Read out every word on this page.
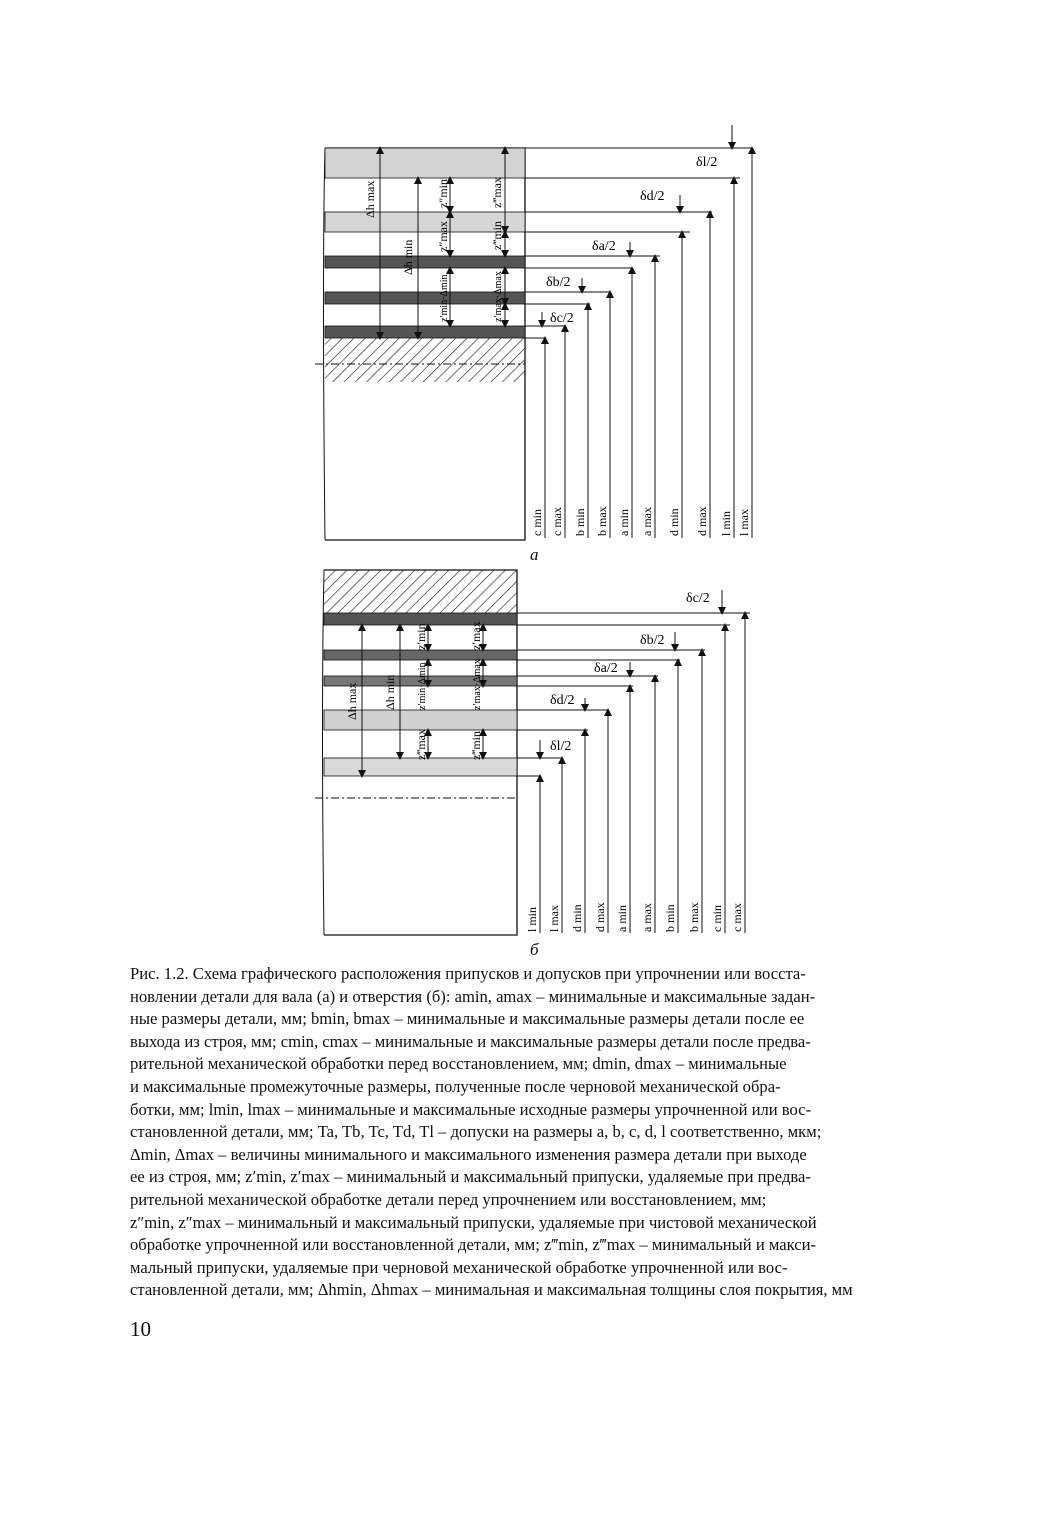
Δh max
Δh min
z″min
z″max
z‴max
z‴min
z′min·Δmin	z′max·Δmax
δl/2
δd/2
δa/2
δb/2
δc/2
c min c max b min b max a min a max d min d max l min l max
а
Δh max Δh min
z′min	z′max
z′min·Δmin	z′max·Δmax
z‴max	z‴min
δc/2
δb/2
δa/2
δd/2
δl/2
l min l max d min d max a min a max b min b max c min c max
б
Рис. 1.2. Схема графического расположения припусков и допусков при упрочнении или восста-
новлении детали для вала (а) и отверстия (б): amin, amax – минимальные и максимальные задан-
ные размеры детали, мм; bmin, bmax – минимальные и максимальные размеры детали после ее
выхода из строя, мм; cmin, cmax – минимальные и максимальные размеры детали после предва-
рительной механической обработки перед восстановлением, мм; dmin, dmax – минимальные
и максимальные промежуточные размеры, полученные после черновой механической обра-
ботки, мм; lmin, lmax – минимальные и максимальные исходные размеры упрочненной или вос-
становленной детали, мм; Ta, Tb, Tc, Td, Tl – допуски на размеры a, b, c, d, l соответственно, мкм;
Δmin, Δmax – величины минимального и максимального изменения размера детали при выходе
ее из строя, мм; z′min, z′max – минимальный и максимальный припуски, удаляемые при предва-
рительной механической обработке детали перед упрочнением или восстановлением, мм;
z″min, z″max – минимальный и максимальный припуски, удаляемые при чистовой механической
обработке упрочненной или восстановленной детали, мм; z‴min, z‴max – минимальный и макси-
мальный припуски, удаляемые при черновой механической обработке упрочненной или вос-
становленной детали, мм; Δhmin, Δhmax – минимальная и максимальная толщины слоя покрытия, мм
10
